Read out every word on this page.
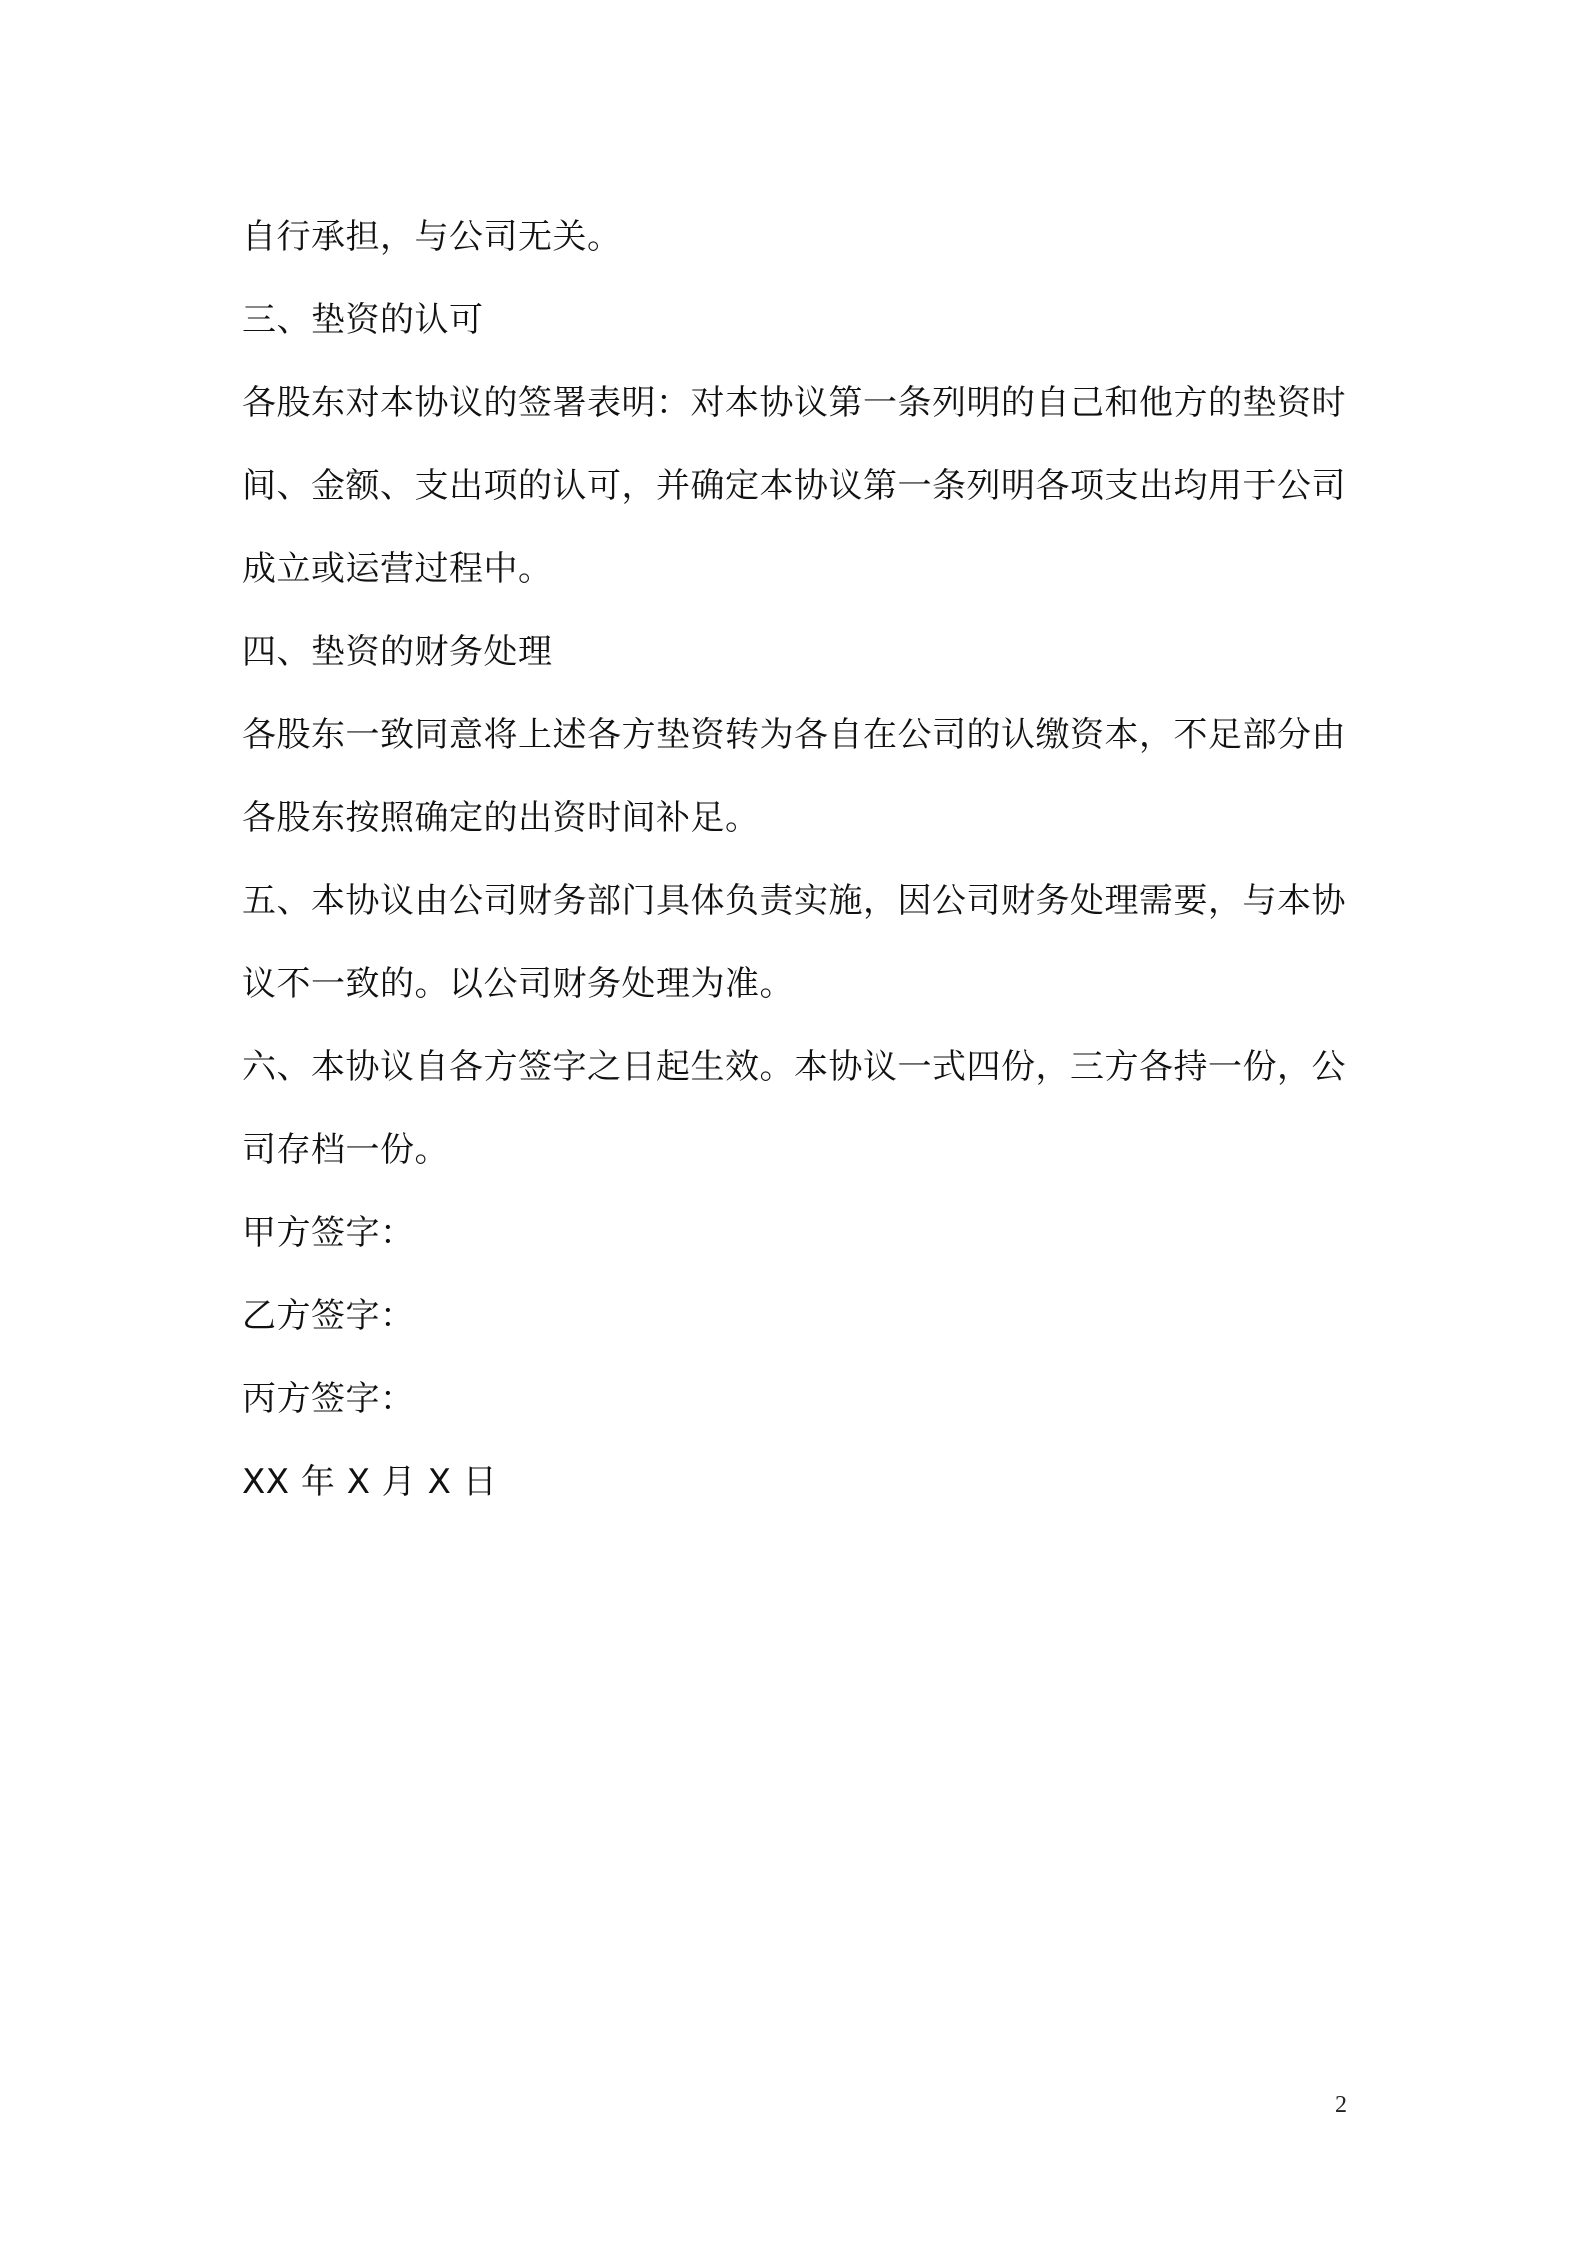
自行承担，与公司无关。

三、垫资的认可

各股东对本协议的签署表明：对本协议第一条列明的自己和他方的垫资时间、金额、支出项的认可，并确定本协议第一条列明各项支出均用于公司成立或运营过程中。

四、垫资的财务处理

各股东一致同意将上述各方垫资转为各自在公司的认缴资本，不足部分由各股东按照确定的出资时间补足。

五、本协议由公司财务部门具体负责实施，因公司财务处理需要，与本协议不一致的。以公司财务处理为准。

六、本协议自各方签字之日起生效。本协议一式四份，三方各持一份，公司存档一份。

甲方签字：

乙方签字：

丙方签字：

XX 年 X 月 X 日

2
